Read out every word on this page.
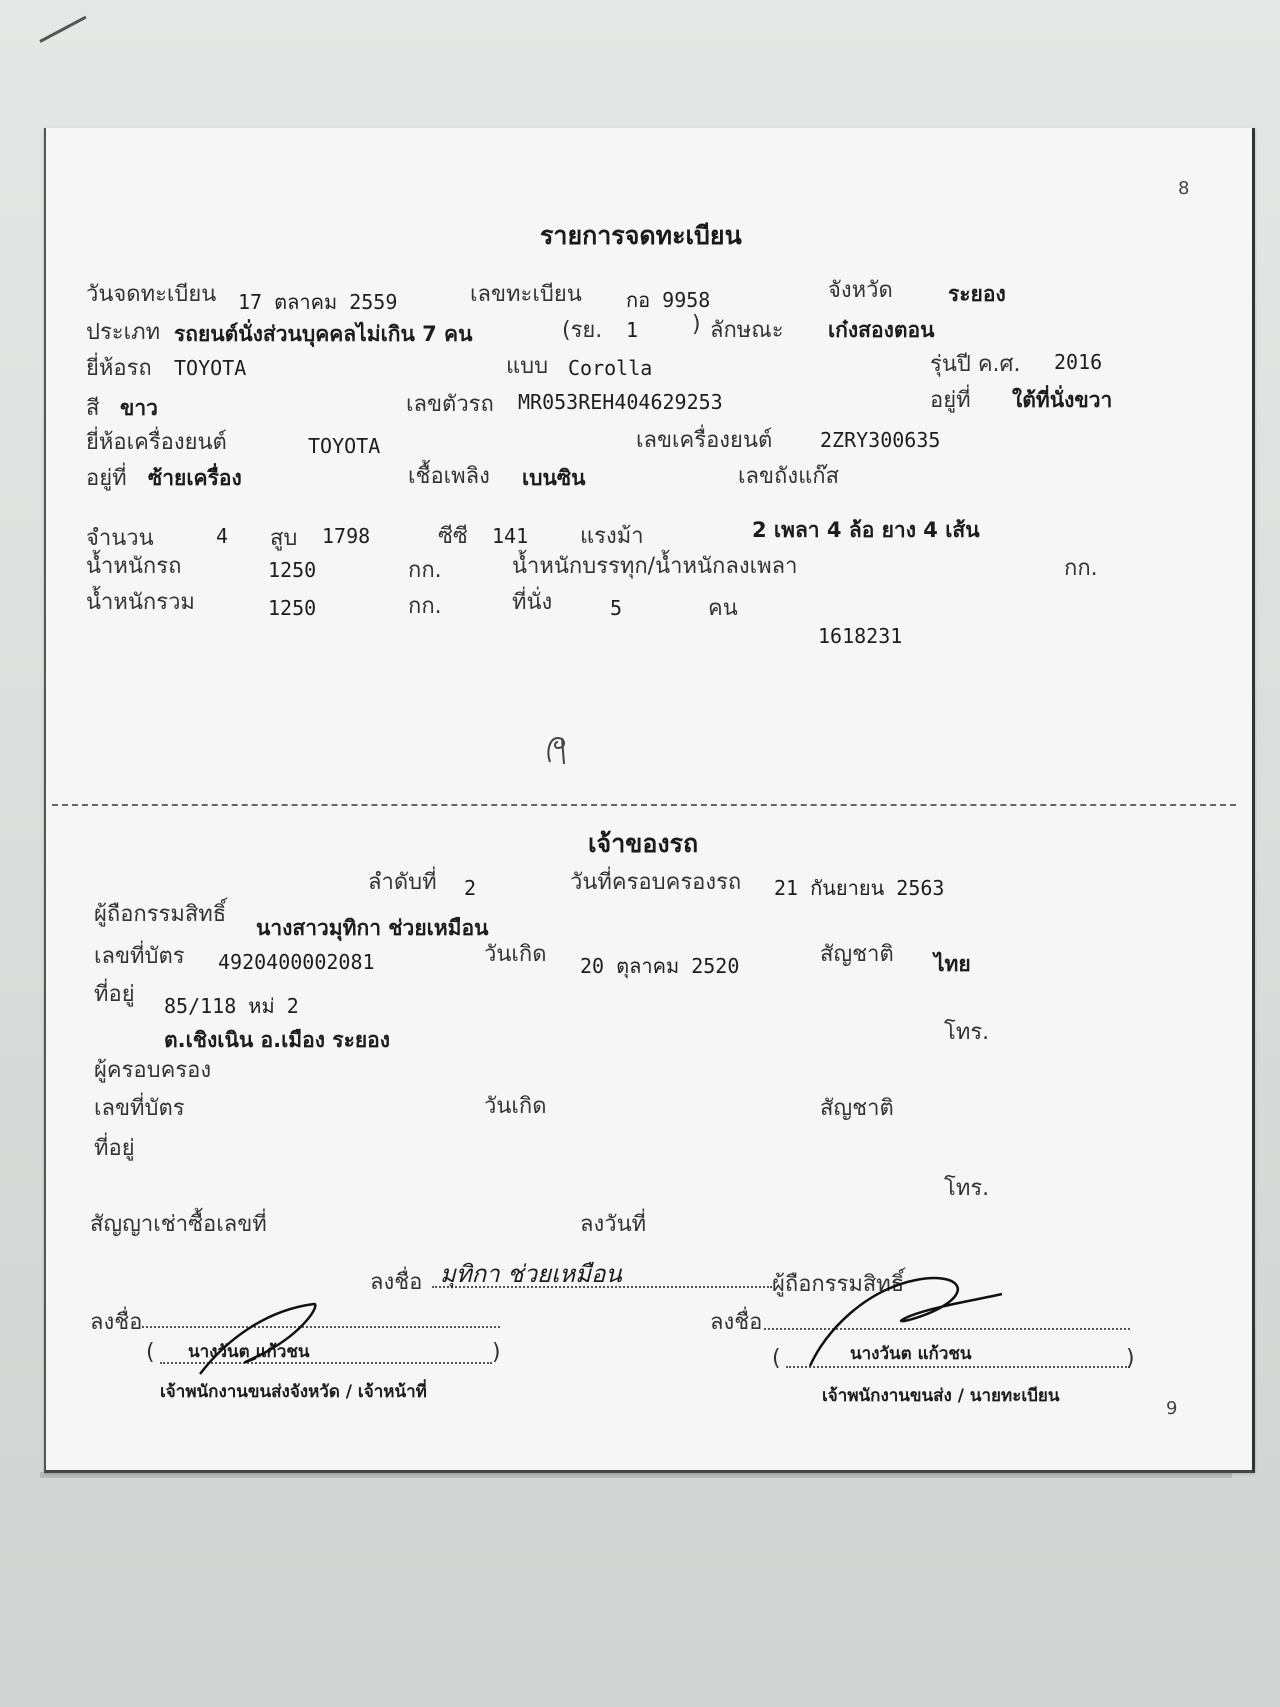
8
รายการจดทะเบียน
วันจดทะเบียน 17 ตลาคม 2559	เลขทะเบียน กอ 9958	จังหวัด	ระยอง
ประเภท รถยนต์นั่งส่วนบุคคลไม่เกิน 7 คน	(รย. 1 ) ลักษณะ เก๋งสองตอน
ยี่ห้อรถ TOYOTA	แบบ Corolla	รุ่นปี ค.ศ. 2016
สี ขาว	เลขตัวรถ MR053REH404629253	อยู่ที่ ใต้ที่นั่งขวา
ยี่ห้อเครื่องยนต์	TOYOTA	เลขเครื่องยนต์ 2ZRY300635
อยู่ที่ ซ้ายเครื่อง	เชื้อเพลิง เบนซิน	เลขถังแก๊ส
จำนวน	4 สูบ 1798	ซีซี 141 แรงม้า	2 เพลา 4 ล้อ ยาง 4 เส้น
น้ำหนักรถ	1250	กก.	น้ำหนักบรรทุก/น้ำหนักลงเพลา	กก.
น้ำหนักรวม	1250	กก.	ที่นั่ง	5	คน
1618231
เจ้าของรถ
ลำดับที่ 2	วันที่ครอบครองรถ 21 กันยายน 2563
ผู้ถือกรรมสิทธิ์
นางสาวมุทิกา ช่วยเหมือน
เลขที่บัตร 4920400002081	วันเกิด 20 ตุลาคม 2520	สัญชาติ ไทย
ที่อยู่ 85/118 หม่ 2
ต.เชิงเนิน อ.เมือง ระยอง	โทร.
ผู้ครอบครอง
เลขที่บัตร	วันเกิด	สัญชาติ
ที่อยู่
โทร.
สัญญาเช่าซื้อเลขที่	ลงวันที่
ลงชื่อ มุทิกา ช่วยเหมือน	ผู้ถือกรรมสิทธิ์
ลงชื่อ
( นางวันต แก้วชน	)
เจ้าพนักงานขนส่งจังหวัด / เจ้าหน้าที่
ลงชื่อ
(	นางวันต แก้วชน	)
เจ้าพนักงานขนส่ง / นายทะเบียน
9
